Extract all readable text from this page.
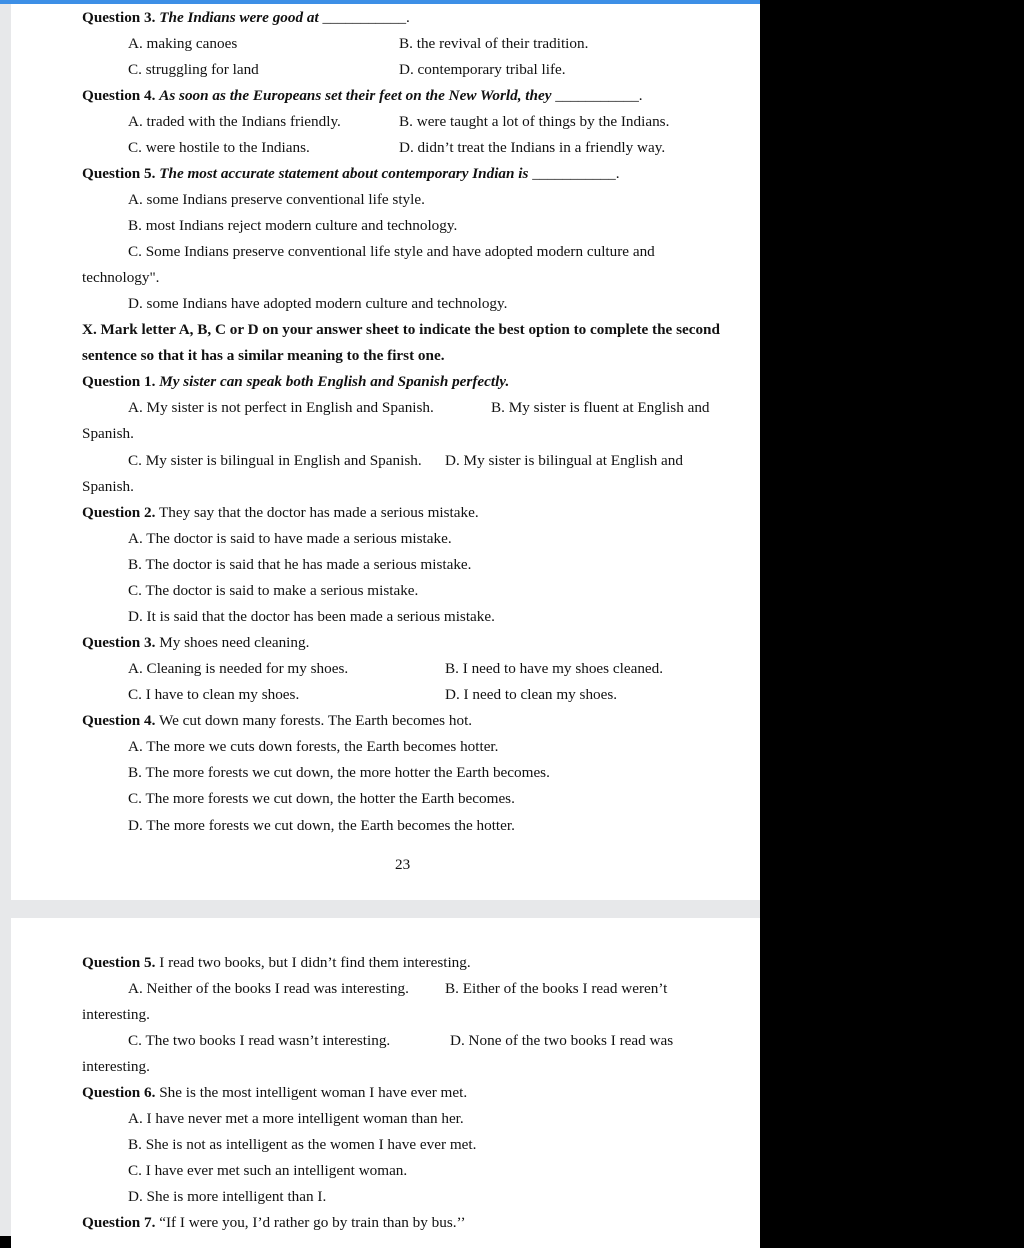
Question 3. The Indians were good at ___________.
A. making canoes	B. the revival of their tradition.
C. struggling for land	D. contemporary tribal life.
Question 4. As soon as the Europeans set their feet on the New World, they ___________.
A. traded with the Indians friendly.	B. were taught a lot of things by the Indians.
C. were hostile to the Indians.	D. didn’t treat the Indians in a friendly way.
Question 5. The most accurate statement about contemporary Indian is ___________.
A. some Indians preserve conventional life style.
B. most Indians reject modern culture and technology.
C. Some Indians preserve conventional life style and have adopted modern culture and
technology".
D. some Indians have adopted modern culture and technology.
X. Mark letter A, B, C or D on your answer sheet to indicate the best option to complete the second
sentence so that it has a similar meaning to the first one.
Question 1. My sister can speak both English and Spanish perfectly.
A. My sister is not perfect in English and Spanish.	B. My sister is fluent at English and
Spanish.
C. My sister is bilingual in English and Spanish. D. My sister is bilingual at English and
Spanish.
Question 2. They say that the doctor has made a serious mistake.
A. The doctor is said to have made a serious mistake.
B. The doctor is said that he has made a serious mistake.
C. The doctor is said to make a serious mistake.
D. It is said that the doctor has been made a serious mistake.
Question 3. My shoes need cleaning.
A. Cleaning is needed for my shoes.	B. I need to have my shoes cleaned.
C. I have to clean my shoes.	D. I need to clean my shoes.
Question 4. We cut down many forests. The Earth becomes hot.
A. The more we cuts down forests, the Earth becomes hotter.
B. The more forests we cut down, the more hotter the Earth becomes.
C. The more forests we cut down, the hotter the Earth becomes.
D. The more forests we cut down, the Earth becomes the hotter.
23
Question 5. I read two books, but I didn’t find them interesting.
A. Neither of the books I read was interesting. B. Either of the books I read weren’t
interesting.
C. The two books I read wasn’t interesting.	D. None of the two books I read was
interesting.
Question 6. She is the most intelligent woman I have ever met.
A. I have never met a more intelligent woman than her.
B. She is not as intelligent as the women I have ever met.
C. I have ever met such an intelligent woman.
D. She is more intelligent than I.
Question 7. “If I were you, I’d rather go by train than by bus.’’
